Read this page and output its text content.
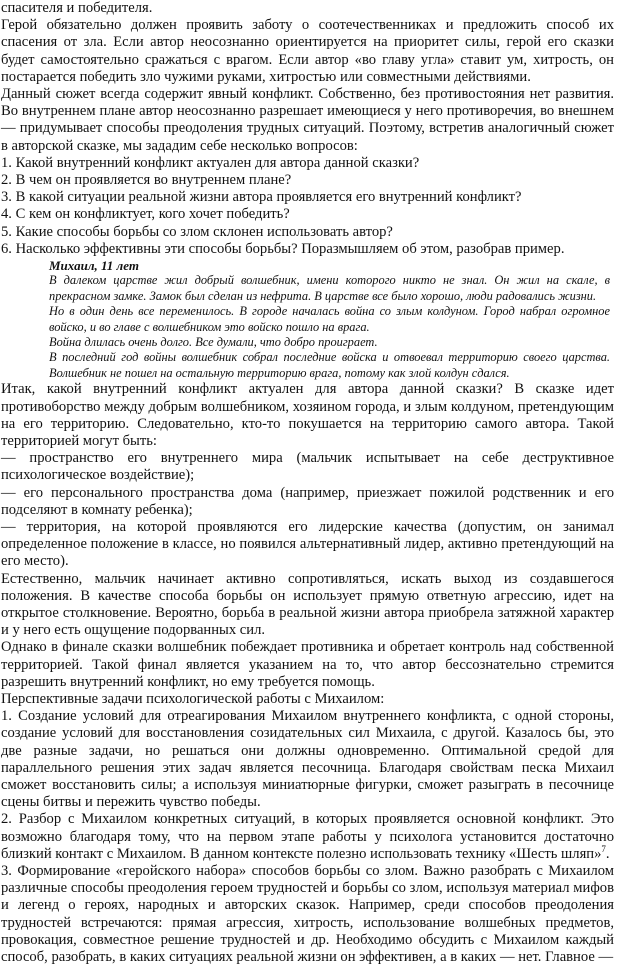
спасителя и победителя.

Герой обязательно должен проявить заботу о соотечественниках и предложить способ их спасения от зла. Если автор неосознанно ориентируется на приоритет силы, герой его сказки будет самостоятельно сражаться с врагом. Если автор «во главу угла» ставит ум, хитрость, он постарается победить зло чужими руками, хитростью или совместными действиями.

Данный сюжет всегда содержит явный конфликт. Собственно, без противостояния нет развития. Во внутреннем плане автор неосознанно разрешает имеющиеся у него противоречия, во внешнем — придумывает способы преодоления трудных ситуаций. Поэтому, встретив аналогичный сюжет в авторской сказке, мы зададим себе несколько вопросов:

1. Какой внутренний конфликт актуален для автора данной сказки?

2. В чем он проявляется во внутреннем плане?

3. В какой ситуации реальной жизни автора проявляется его внутренний конфликт?

4. С кем он конфликтует, кого хочет победить?

5. Какие способы борьбы со злом склонен использовать автор?

6. Насколько эффективны эти способы борьбы? Поразмышляем об этом, разобрав пример.

Михаил, 11 лет

В далеком царстве жил добрый волшебник, имени которого никто не знал. Он жил на скале, в прекрасном замке. Замок был сделан из нефрита. В царстве все было хорошо, люди радовались жизни.

Но в один день все переменилось. В городе началась война со злым колдуном. Город набрал огромное войско, и во главе с волшебником это войско пошло на врага.

Война длилась очень долго. Все думали, что добро проиграет.

В последний год войны волшебник собрал последние войска и отвоевал территорию своего царства. Волшебник не пошел на остальную территорию врага, потому как злой колдун сдался.

Итак, какой внутренний конфликт актуален для автора данной сказки? В сказке идет противоборство между добрым волшебником, хозяином города, и злым колдуном, претендующим на его территорию. Следовательно, кто-то покушается на территорию самого автора. Такой территорией могут быть:

— пространство его внутреннего мира (мальчик испытывает на себе деструктивное психологическое воздействие);

— его персонального пространства дома (например, приезжает пожилой родственник и его подселяют в комнату ребенка);

— территория, на которой проявляются его лидерские качества (допустим, он занимал определенное положение в классе, но появился альтернативный лидер, активно претендующий на его место).

Естественно, мальчик начинает активно сопротивляться, искать выход из создавшегося положения. В качестве способа борьбы он использует прямую ответную агрессию, идет на открытое столкновение. Вероятно, борьба в реальной жизни автора приобрела затяжной характер и у него есть ощущение подорванных сил.

Однако в финале сказки волшебник побеждает противника и обретает контроль над собственной территорией. Такой финал является указанием на то, что автор бессознательно стремится разрешить внутренний конфликт, но ему требуется помощь.

Перспективные задачи психологической работы с Михаилом:

1. Создание условий для отреагирования Михаилом внутреннего конфликта, с одной стороны, создание условий для восстановления созидательных сил Михаила, с другой. Казалось бы, это две разные задачи, но решаться они должны одновременно. Оптимальной средой для параллельного решения этих задач является песочница. Благодаря свойствам песка Михаил сможет восстановить силы; а используя миниатюрные фигурки, сможет разыграть в песочнице сцены битвы и пережить чувство победы.

2. Разбор с Михаилом конкретных ситуаций, в которых проявляется основной конфликт. Это возможно благодаря тому, что на первом этапе работы у психолога установится достаточно близкий контакт с Михаилом. В данном контексте полезно использовать технику «Шесть шляп»$^7$.

3. Формирование «геройского набора» способов борьбы со злом. Важно разобрать с Михаилом различные способы преодоления героем трудностей и борьбы со злом, используя материал мифов и легенд о героях, народных и авторских сказок. Например, среди способов преодоления трудностей встречаются: прямая агрессия, хитрость, использование волшебных предметов, провокация, совместное решение трудностей и др. Необходимо обсудить с Михаилом каждый способ, разобрать, в каких ситуациях реальной жизни он эффективен, а в каких — нет. Главное —
